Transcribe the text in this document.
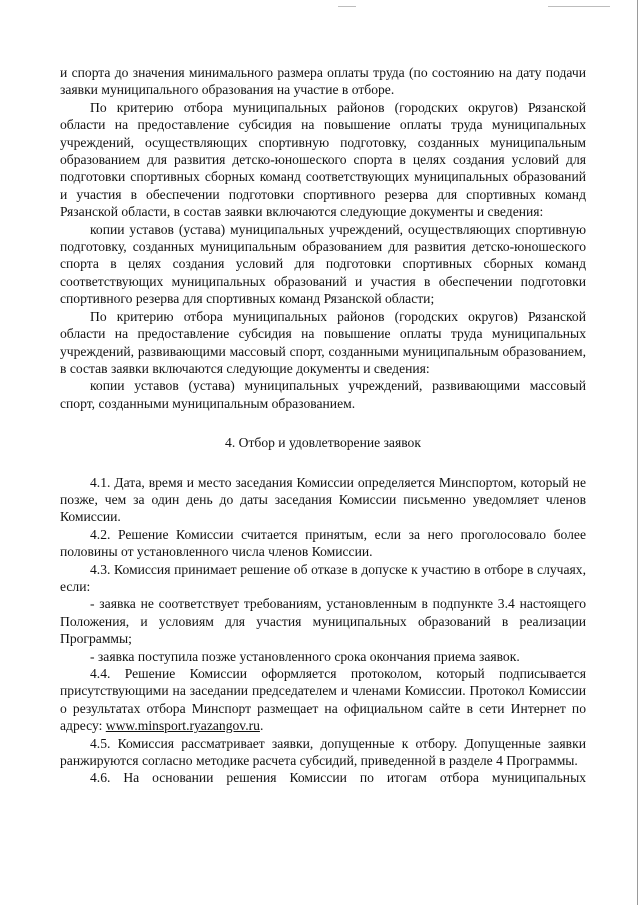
и спорта до значения минимального размера оплаты труда (по состоянию на дату подачи заявки муниципального образования на участие в отборе.

По критерию отбора муниципальных районов (городских округов) Рязанской области на предоставление субсидия на повышение оплаты труда муниципальных учреждений, осуществляющих спортивную подготовку, созданных муниципальным образованием для развития детско-юношеского спорта в целях создания условий для подготовки спортивных сборных команд соответствующих муниципальных образований и участия в обеспечении подготовки спортивного резерва для спортивных команд Рязанской области, в состав заявки включаются следующие документы и сведения:

копии уставов (устава) муниципальных учреждений, осуществляющих спортивную подготовку, созданных муниципальным образованием для развития детско-юношеского спорта в целях создания условий для подготовки спортивных сборных команд соответствующих муниципальных образований и участия в обеспечении подготовки спортивного резерва для спортивных команд Рязанской области;

По критерию отбора муниципальных районов (городских округов) Рязанской области на предоставление субсидия на повышение оплаты труда муниципальных учреждений, развивающими массовый спорт, созданными муниципальным образованием, в состав заявки включаются следующие документы и сведения:

копии уставов (устава) муниципальных учреждений, развивающими массовый спорт, созданными муниципальным образованием.

4. Отбор и удовлетворение заявок

4.1. Дата, время и место заседания Комиссии определяется Минспортом, который не позже, чем за один день до даты заседания Комиссии письменно уведомляет членов Комиссии.

4.2. Решение Комиссии считается принятым, если за него проголосовало более половины от установленного числа членов Комиссии.

4.3. Комиссия принимает решение об отказе в допуске к участию в отборе в случаях, если:

- заявка не соответствует требованиям, установленным в подпункте 3.4 настоящего Положения, и условиям для участия муниципальных образований в реализации Программы;

- заявка поступила позже установленного срока окончания приема заявок.

4.4. Решение Комиссии оформляется протоколом, который подписывается присутствующими на заседании председателем и членами Комиссии. Протокол Комиссии о результатах отбора Минспорт размещает на официальном сайте в сети Интернет по адресу: www.minsport.ryazangov.ru.

4.5. Комиссия рассматривает заявки, допущенные к отбору. Допущенные заявки ранжируются согласно методике расчета субсидий, приведенной в разделе 4 Программы.

4.6. На основании решения Комиссии по итогам отбора муниципальных
